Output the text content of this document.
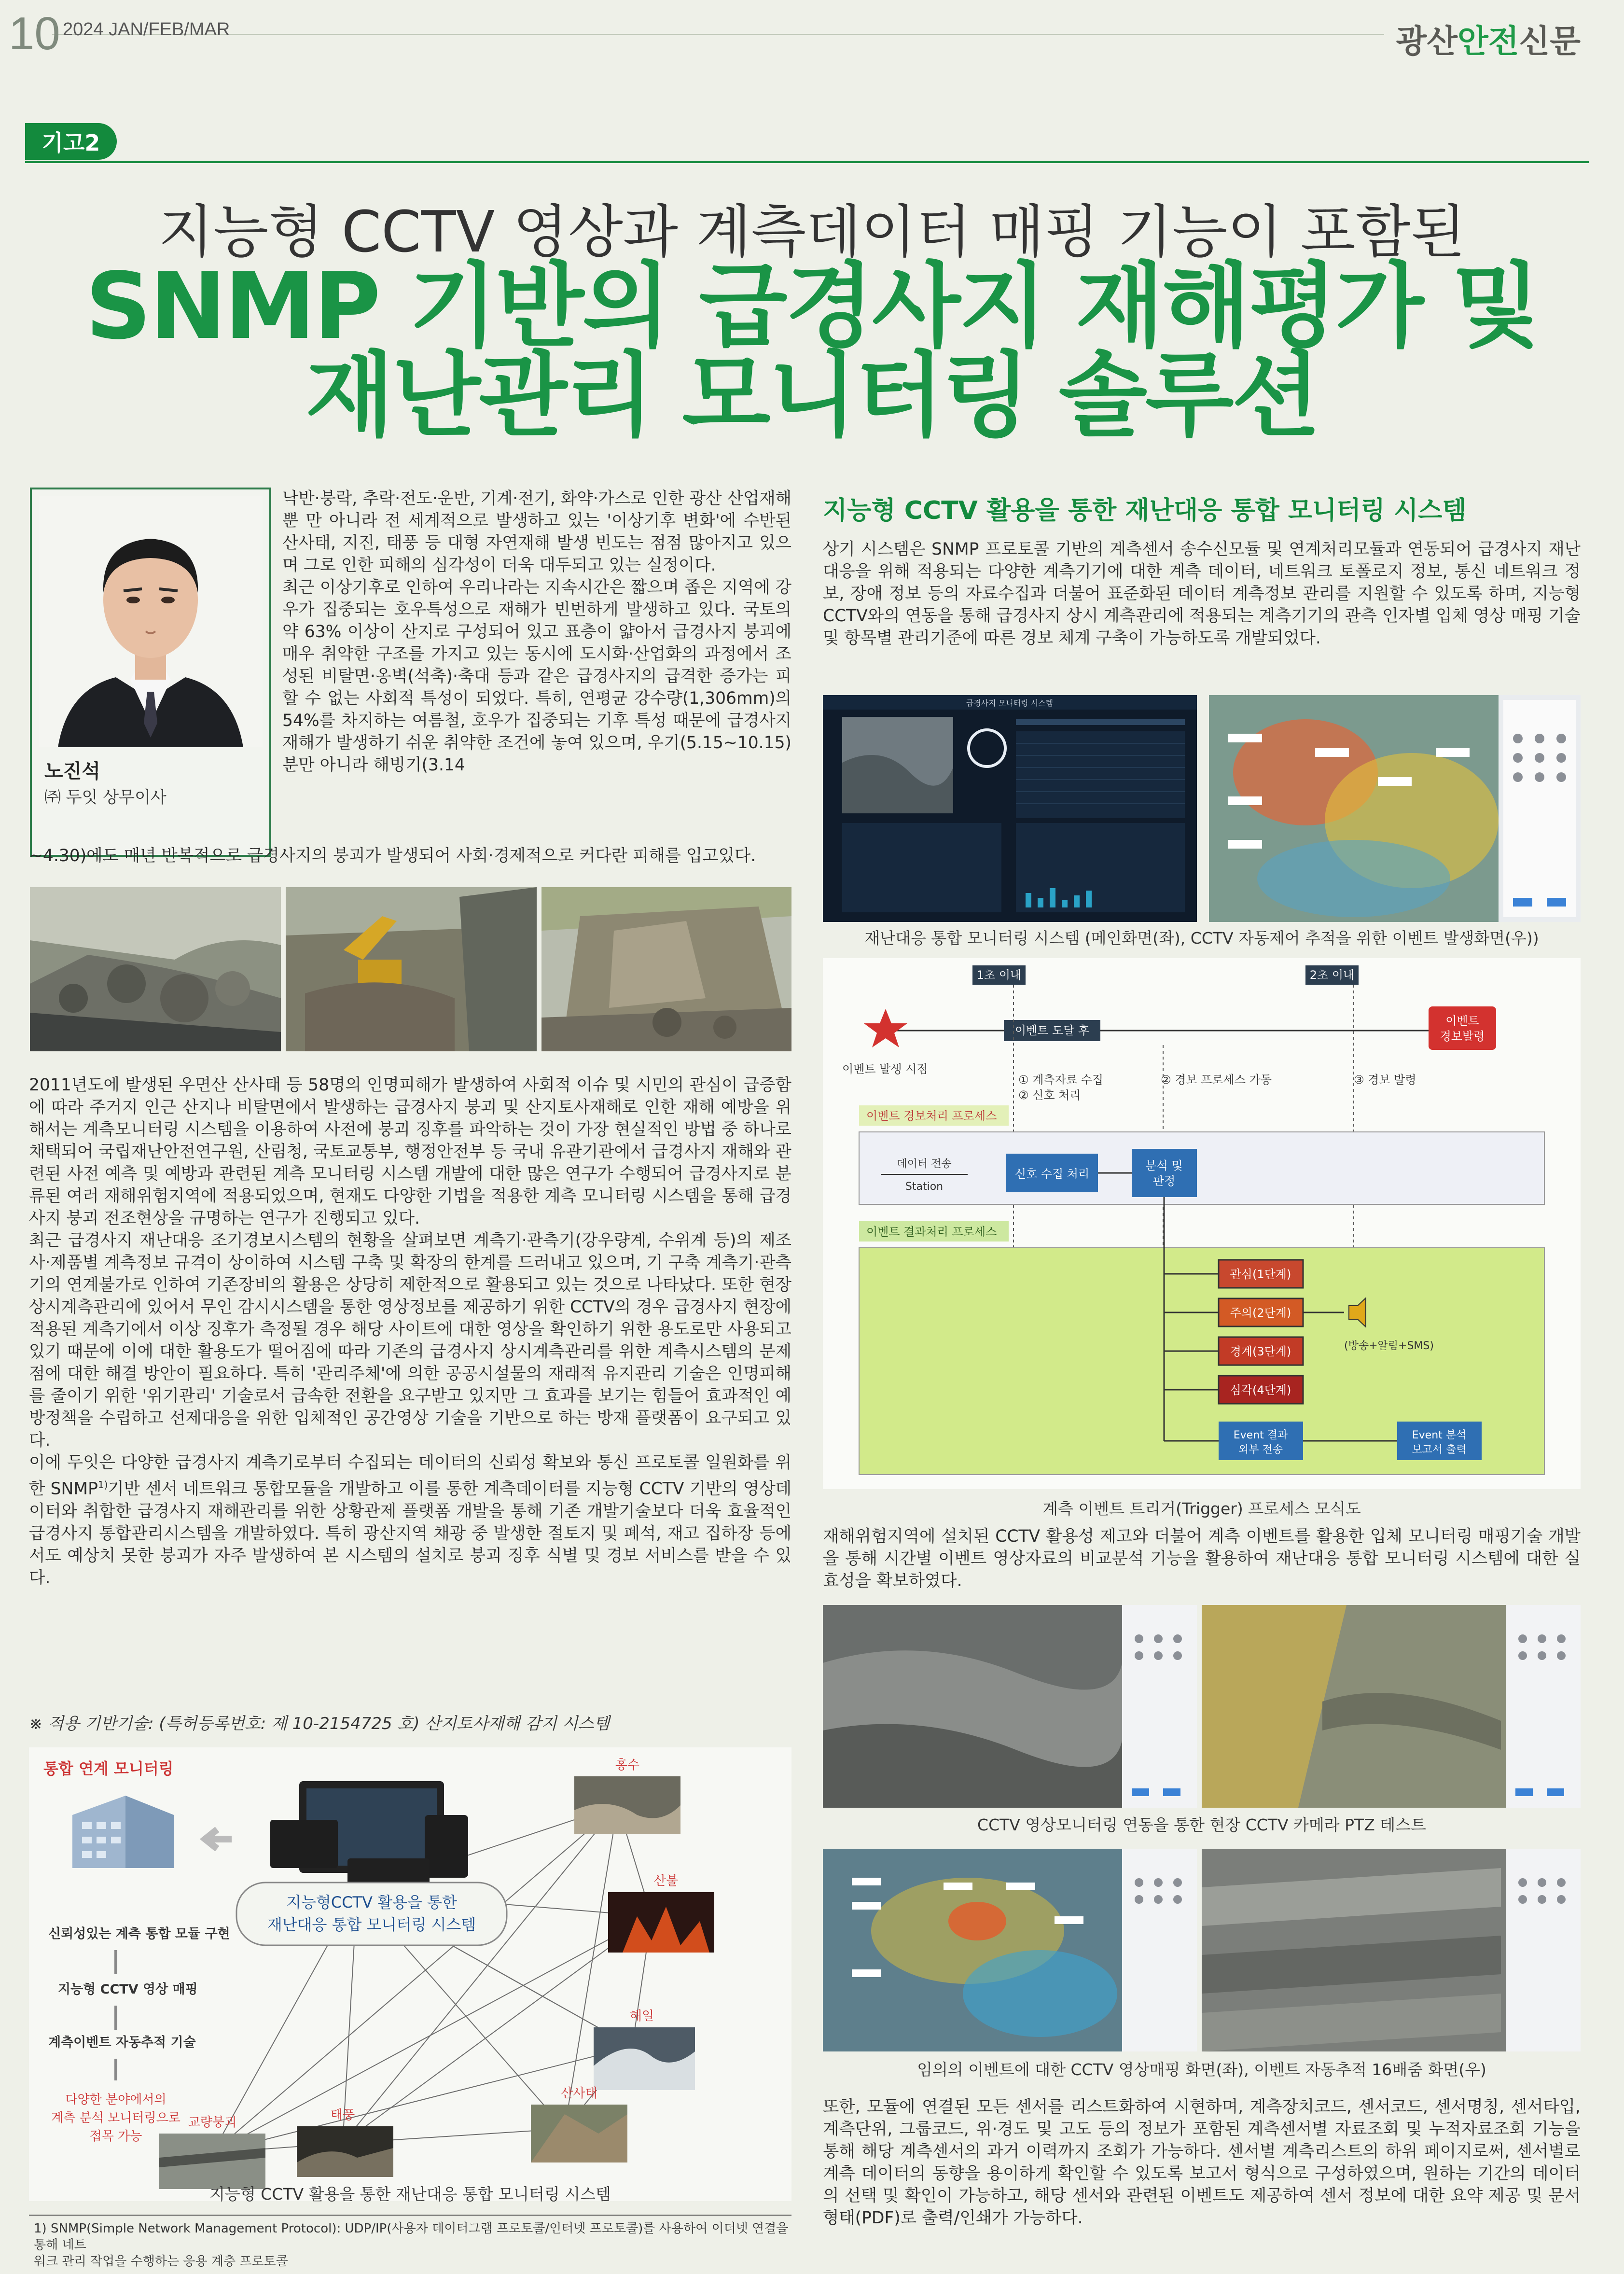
10 2024 JAN/FEB/MAR	광산안전신문
기고2
지능형 CCTV 영상과 계측데이터 매핑 기능이 포함된
SNMP 기반의 급경사지 재해평가 및
재난관리 모니터링 솔루션
노진석
㈜ 두잇 상무이사

낙반·붕락, 추락·전도·운반, 기계·전기, 화약·가스로 인한 광산 산업재해 뿐 만 아니라 전 세계적으로 발생하고 있는 '이상기후 변화'에 수반된 산사태, 지진, 태풍 등 대형 자연재해 발생 빈도는 점점 많아지고 있으며 그로 인한 피해의 심각성이 더욱 대두되고 있는 실정이다.

최근 이상기후로 인하여 우리나라는 지속시간은 짧으며 좁은 지역에 강우가 집중되는 호우특성으로 재해가 빈번하게 발생하고 있다. 국토의 약 63% 이상이 산지로 구성되어 있고 표층이 얇아서 급경사지 붕괴에 매우 취약한 구조를 가지고 있는 동시에 도시화·산업화의 과정에서 조성된 비탈면·옹벽(석축)·축대 등과 같은 급경사지의 급격한 증가는 피할 수 없는 사회적 특성이 되었다. 특히, 연평균 강수량(1,306mm)의 54%를 차지하는 여름철, 호우가 집중되는 기후 특성 때문에 급경사지 재해가 발생하기 쉬운 취약한 조건에 놓여 있으며, 우기(5.15~10.15) 분만 아니라 해빙기(3.14

~4.30)에도 매년 반복적으로 급경사지의 붕괴가 발생되어 사회·경제적으로 커다란 피해를 입고있다.

2011년도에 발생된 우면산 산사태 등 58명의 인명피해가 발생하여 사회적 이슈 및 시민의 관심이 급증함에 따라 주거지 인근 산지나 비탈면에서 발생하는 급경사지 붕괴 및 산지토사재해로 인한 재해 예방을 위해서는 계측모니터링 시스템을 이용하여 사전에 붕괴 징후를 파악하는 것이 가장 현실적인 방법 중 하나로 채택되어 국립재난안전연구원, 산림청, 국토교통부, 행정안전부 등 국내 유관기관에서 급경사지 재해와 관련된 사전 예측 및 예방과 관련된 계측 모니터링 시스템 개발에 대한 많은 연구가 수행되어 급경사지로 분류된 여러 재해위험지역에 적용되었으며, 현재도 다양한 기법을 적용한 계측 모니터링 시스템을 통해 급경사지 붕괴 전조현상을 규명하는 연구가 진행되고 있다.

최근 급경사지 재난대응 조기경보시스템의 현황을 살펴보면 계측기·관측기(강우량계, 수위계 등)의 제조사·제품별 계측정보 규격이 상이하여 시스템 구축 및 확장의 한계를 드러내고 있으며, 기 구축 계측기·관측기의 연계불가로 인하여 기존장비의 활용은 상당히 제한적으로 활용되고 있는 것으로 나타났다. 또한 현장 상시계측관리에 있어서 무인 감시시스템을 통한 영상정보를 제공하기 위한 CCTV의 경우 급경사지 현장에 적용된 계측기에서 이상 징후가 측정될 경우 해당 사이트에 대한 영상을 확인하기 위한 용도로만 사용되고 있기 때문에 이에 대한 활용도가 떨어짐에 따라 기존의 급경사지 상시계측관리를 위한 계측시스템의 문제점에 대한 해결 방안이 필요하다. 특히 '관리주체'에 의한 공공시설물의 재래적 유지관리 기술은 인명피해를 줄이기 위한 '위기관리' 기술로서 급속한 전환을 요구받고 있지만 그 효과를 보기는 힘들어 효과적인 예방정책을 수립하고 선제대응을 위한 입체적인 공간영상 기술을 기반으로 하는 방재 플랫폼이 요구되고 있다.

이에 두잇은 다양한 급경사지 계측기로부터 수집되는 데이터의 신뢰성 확보와 통신 프로토콜 일원화를 위한 SNMP$^{1)}$기반 센서 네트워크 통합모듈을 개발하고 이를 통한 계측데이터를 지능형 CCTV 기반의 영상데이터와 취합한 급경사지 재해관리를 위한 상황관제 플랫폼 개발을 통해 기존 개발기술보다 더욱 효율적인 급경사지 통합관리시스템을 개발하였다. 특히 광산지역 채광 중 발생한 절토지 및 폐석, 재고 집하장 등에서도 예상치 못한 붕괴가 자주 발생하여 본 시스템의 설치로 붕괴 징후 식별 및 경보 서비스를 받을 수 있다.

※ 적용 기반기술: (특허등록번호: 제 10-2154725 호) 산지토사재해 감지 시스템
지능형CCTV 활용을 통한
재난대응 통합 모니터링 시스템
통합 연계 모니터링
신뢰성있는 계측 통합 모듈 구현
지능형 CCTV 영상 매핑
계측이벤트 자동추적 기술
다양한 분야에서의
계측 분석 모니터링으로
접목 가능
홍수
산불
해일
산사태
태풍
교량붕괴
지능형 CCTV 활용을 통한 재난대응 통합 모니터링 시스템
1) SNMP(Simple Network Management Protocol): UDP/IP(사용자 데이터그램 프로토콜/인터넷 프로토콜)를 사용하여 이더넷 연결을 통해 네트
워크 관리 작업을 수행하는 응용 계층 프로토콜
지능형 CCTV 활용을 통한 재난대응 통합 모니터링 시스템
상기 시스템은 SNMP 프로토콜 기반의 계측센서 송수신모듈 및 연계처리모듈과 연동되어 급경사지 재난 대응을 위해 적용되는 다양한 계측기기에 대한 계측 데이터, 네트워크 토폴로지 정보, 통신 네트워크 정보, 장애 정보 등의 자료수집과 더불어 표준화된 데이터 계측정보 관리를 지원할 수 있도록 하며, 지능형 CCTV와의 연동을 통해 급경사지 상시 계측관리에 적용되는 계측기기의 관측 인자별 입체 영상 매핑 기술 및 항목별 관리기준에 따른 경보 체계 구축이 가능하도록 개발되었다.
급경사지 모니터링 시스템
재난대응 통합 모니터링 시스템 (메인화면(좌), CCTV 자동제어 추적을 위한 이벤트 발생화면(우))
1초 이내	2초 이내
이벤트 발생 시점
이벤트 도달 후
이벤트
경보발령
① 계측자료 수집
② 신호 처리
② 경보 프로세스 가동	③ 경보 발령
이벤트 경보처리 프로세스
데이터 전송
Station
신호 수집 처리
분석 및
판정
이벤트 결과처리 프로세스
관심(1단계)
주의(2단계)
경계(3단계)
심각(4단계)
(방송+알림+SMS)
Event 결과
외부 전송
Event 분석
보고서 출력
계측 이벤트 트리거(Trigger) 프로세스 모식도
재해위험지역에 설치된 CCTV 활용성 제고와 더불어 계측 이벤트를 활용한 입체 모니터링 매핑기술 개발을 통해 시간별 이벤트 영상자료의 비교분석 기능을 활용하여 재난대응 통합 모니터링 시스템에 대한 실효성을 확보하였다.
CCTV 영상모니터링 연동을 통한 현장 CCTV 카메라 PTZ 테스트
임의의 이벤트에 대한 CCTV 영상매핑 화면(좌), 이벤트 자동추적 16배줌 화면(우)
또한, 모듈에 연결된 모든 센서를 리스트화하여 시현하며, 계측장치코드, 센서코드, 센서명칭, 센서타입, 계측단위, 그룹코드, 위·경도 및 고도 등의 정보가 포함된 계측센서별 자료조회 및 누적자료조회 기능을 통해 해당 계측센서의 과거 이력까지 조회가 가능하다. 센서별 계측리스트의 하위 페이지로써, 센서별로 계측 데이터의 동향을 용이하게 확인할 수 있도록 보고서 형식으로 구성하였으며, 원하는 기간의 데이터의 선택 및 확인이 가능하고, 해당 센서와 관련된 이벤트도 제공하여 센서 정보에 대한 요약 제공 및 문서형태(PDF)로 출력/인쇄가 가능하다.
